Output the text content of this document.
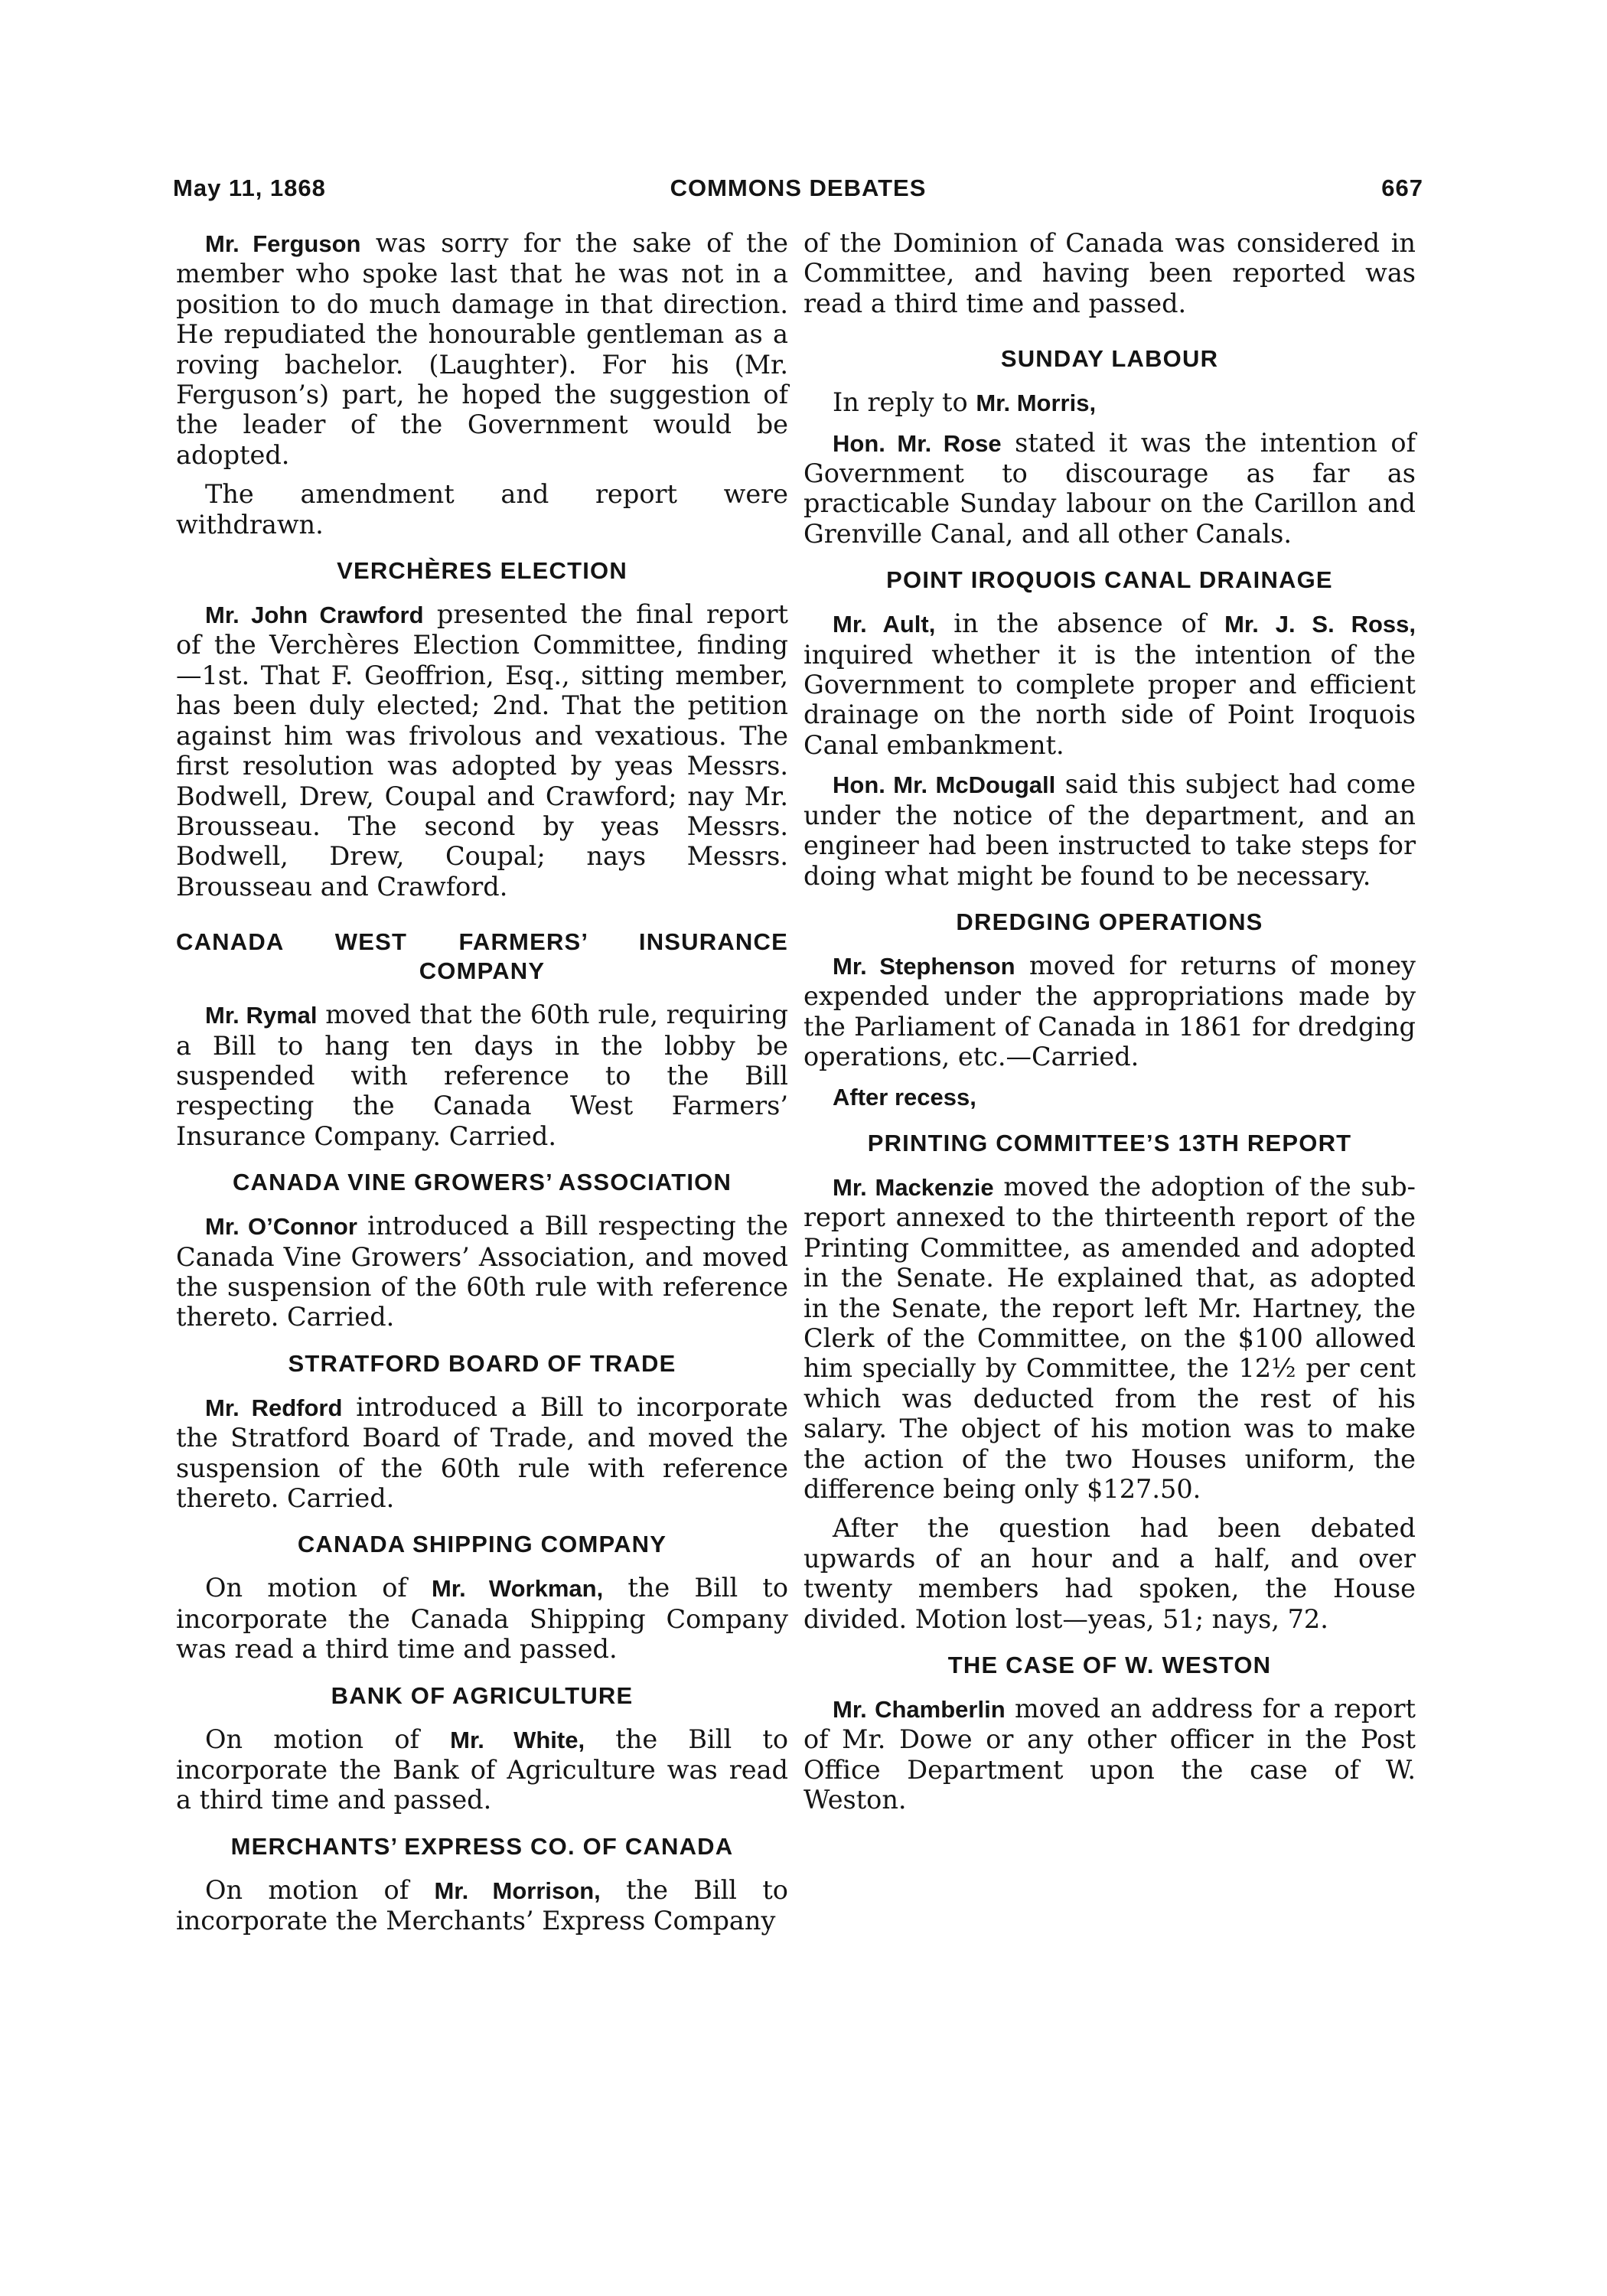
May 11, 1868	COMMONS DEBATES	667

Mr. Ferguson was sorry for the sake of the member who spoke last that he was not in a position to do much damage in that direction. He repudiated the honourable gentleman as a roving bachelor. (Laughter). For his (Mr. Ferguson’s) part, he hoped the suggestion of the leader of the Government would be adopted.

The amendment and report were withdrawn.

VERCHÈRES ELECTION

Mr. John Crawford presented the final report of the Verchères Election Committee, finding—1st. That F. Geoffrion, Esq., sitting member, has been duly elected; 2nd. That the petition against him was frivolous and vexatious. The first resolution was adopted by yeas Messrs. Bodwell, Drew, Coupal and Crawford; nay Mr. Brousseau. The second by yeas Messrs. Bodwell, Drew, Coupal; nays Messrs. Brousseau and Crawford.

CANADA WEST FARMERS’ INSURANCE COMPANY

Mr. Rymal moved that the 60th rule, requiring a Bill to hang ten days in the lobby be suspended with reference to the Bill respecting the Canada West Farmers’ Insurance Company. Carried.

CANADA VINE GROWERS’ ASSOCIATION

Mr. O’Connor introduced a Bill respecting the Canada Vine Growers’ Association, and moved the suspension of the 60th rule with reference thereto. Carried.

STRATFORD BOARD OF TRADE

Mr. Redford introduced a Bill to incorporate the Stratford Board of Trade, and moved the suspension of the 60th rule with reference thereto. Carried.

CANADA SHIPPING COMPANY

On motion of Mr. Workman, the Bill to incorporate the Canada Shipping Company was read a third time and passed.

BANK OF AGRICULTURE

On motion of Mr. White, the Bill to incorporate the Bank of Agriculture was read a third time and passed.

MERCHANTS’ EXPRESS CO. OF CANADA

On motion of Mr. Morrison, the Bill to incorporate the Merchants’ Express Company

of the Dominion of Canada was considered in Committee, and having been reported was read a third time and passed.

SUNDAY LABOUR

In reply to Mr. Morris,

Hon. Mr. Rose stated it was the intention of Government to discourage as far as practicable Sunday labour on the Carillon and Grenville Canal, and all other Canals.

POINT IROQUOIS CANAL DRAINAGE

Mr. Ault, in the absence of Mr. J. S. Ross, inquired whether it is the intention of the Government to complete proper and efficient drainage on the north side of Point Iroquois Canal embankment.

Hon. Mr. McDougall said this subject had come under the notice of the department, and an engineer had been instructed to take steps for doing what might be found to be necessary.

DREDGING OPERATIONS

Mr. Stephenson moved for returns of money expended under the appropriations made by the Parliament of Canada in 1861 for dredging operations, etc.—Carried.

After recess,

PRINTING COMMITTEE’S 13TH REPORT

Mr. Mackenzie moved the adoption of the sub-report annexed to the thirteenth report of the Printing Committee, as amended and adopted in the Senate. He explained that, as adopted in the Senate, the report left Mr. Hartney, the Clerk of the Committee, on the $100 allowed him specially by Committee, the 12½ per cent which was deducted from the rest of his salary. The object of his motion was to make the action of the two Houses uniform, the difference being only $127.50.

After the question had been debated upwards of an hour and a half, and over twenty members had spoken, the House divided. Motion lost—yeas, 51; nays, 72.

THE CASE OF W. WESTON

Mr. Chamberlin moved an address for a report of Mr. Dowe or any other officer in the Post Office Department upon the case of W. Weston.
